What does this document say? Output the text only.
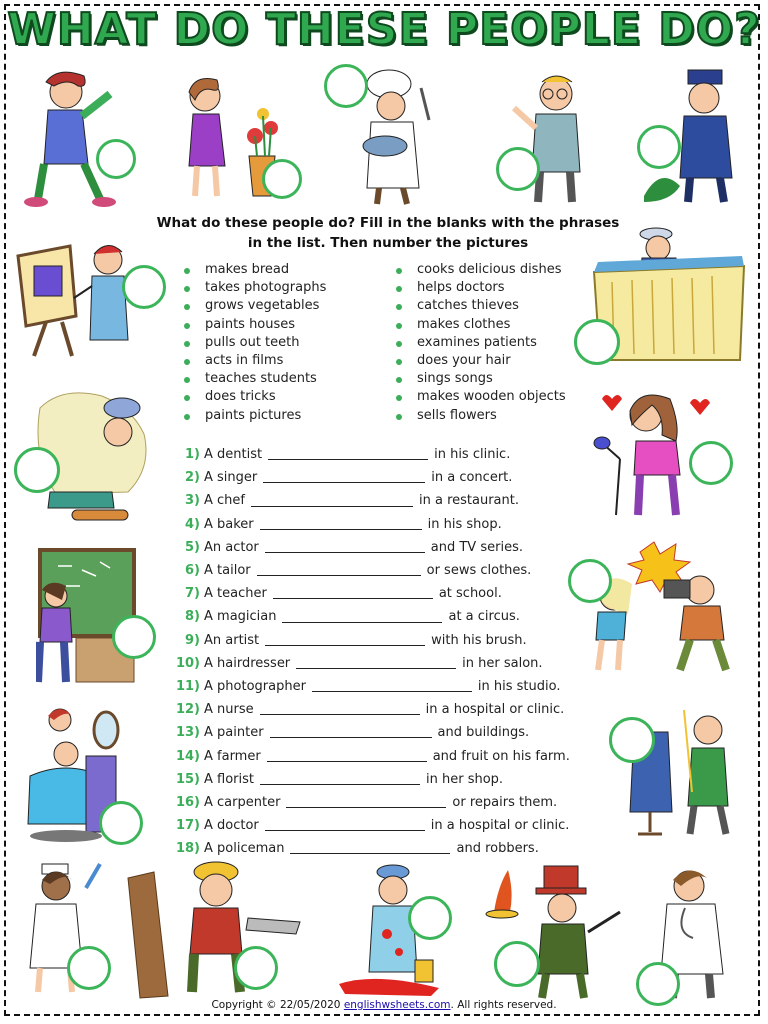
WHAT DO THESE PEOPLE DO?
What do these people do? Fill in the blanks with the phrases in the list. Then number the pictures
makes bread
takes photographs
grows vegetables
paints houses
pulls out teeth
acts in films
teaches students
does tricks
paints pictures
cooks delicious dishes
helps doctors
catches thieves
makes clothes
examines patients
does your hair
sings songs
makes wooden objects
sells flowers
1) A dentist	in his clinic.
2) A singer	in a concert.
3) A chef	in a restaurant.
4) A baker	in his shop.
5) An actor	and TV series.
6) A tailor	or sews clothes.
7) A teacher	at school.
8) A magician	at a circus.
9) An artist	with his brush.
10) A hairdresser	in her salon.
11) A photographer	in his studio.
12) A nurse	in a hospital or clinic.
13) A painter	and buildings.
14) A farmer	and fruit on his farm.
15) A florist	in her shop.
16) A carpenter	or repairs them.
17) A doctor	in a hospital or clinic.
18) A policeman	and robbers.
Copyright © 22/05/2020 englishwsheets.com. All rights reserved.
